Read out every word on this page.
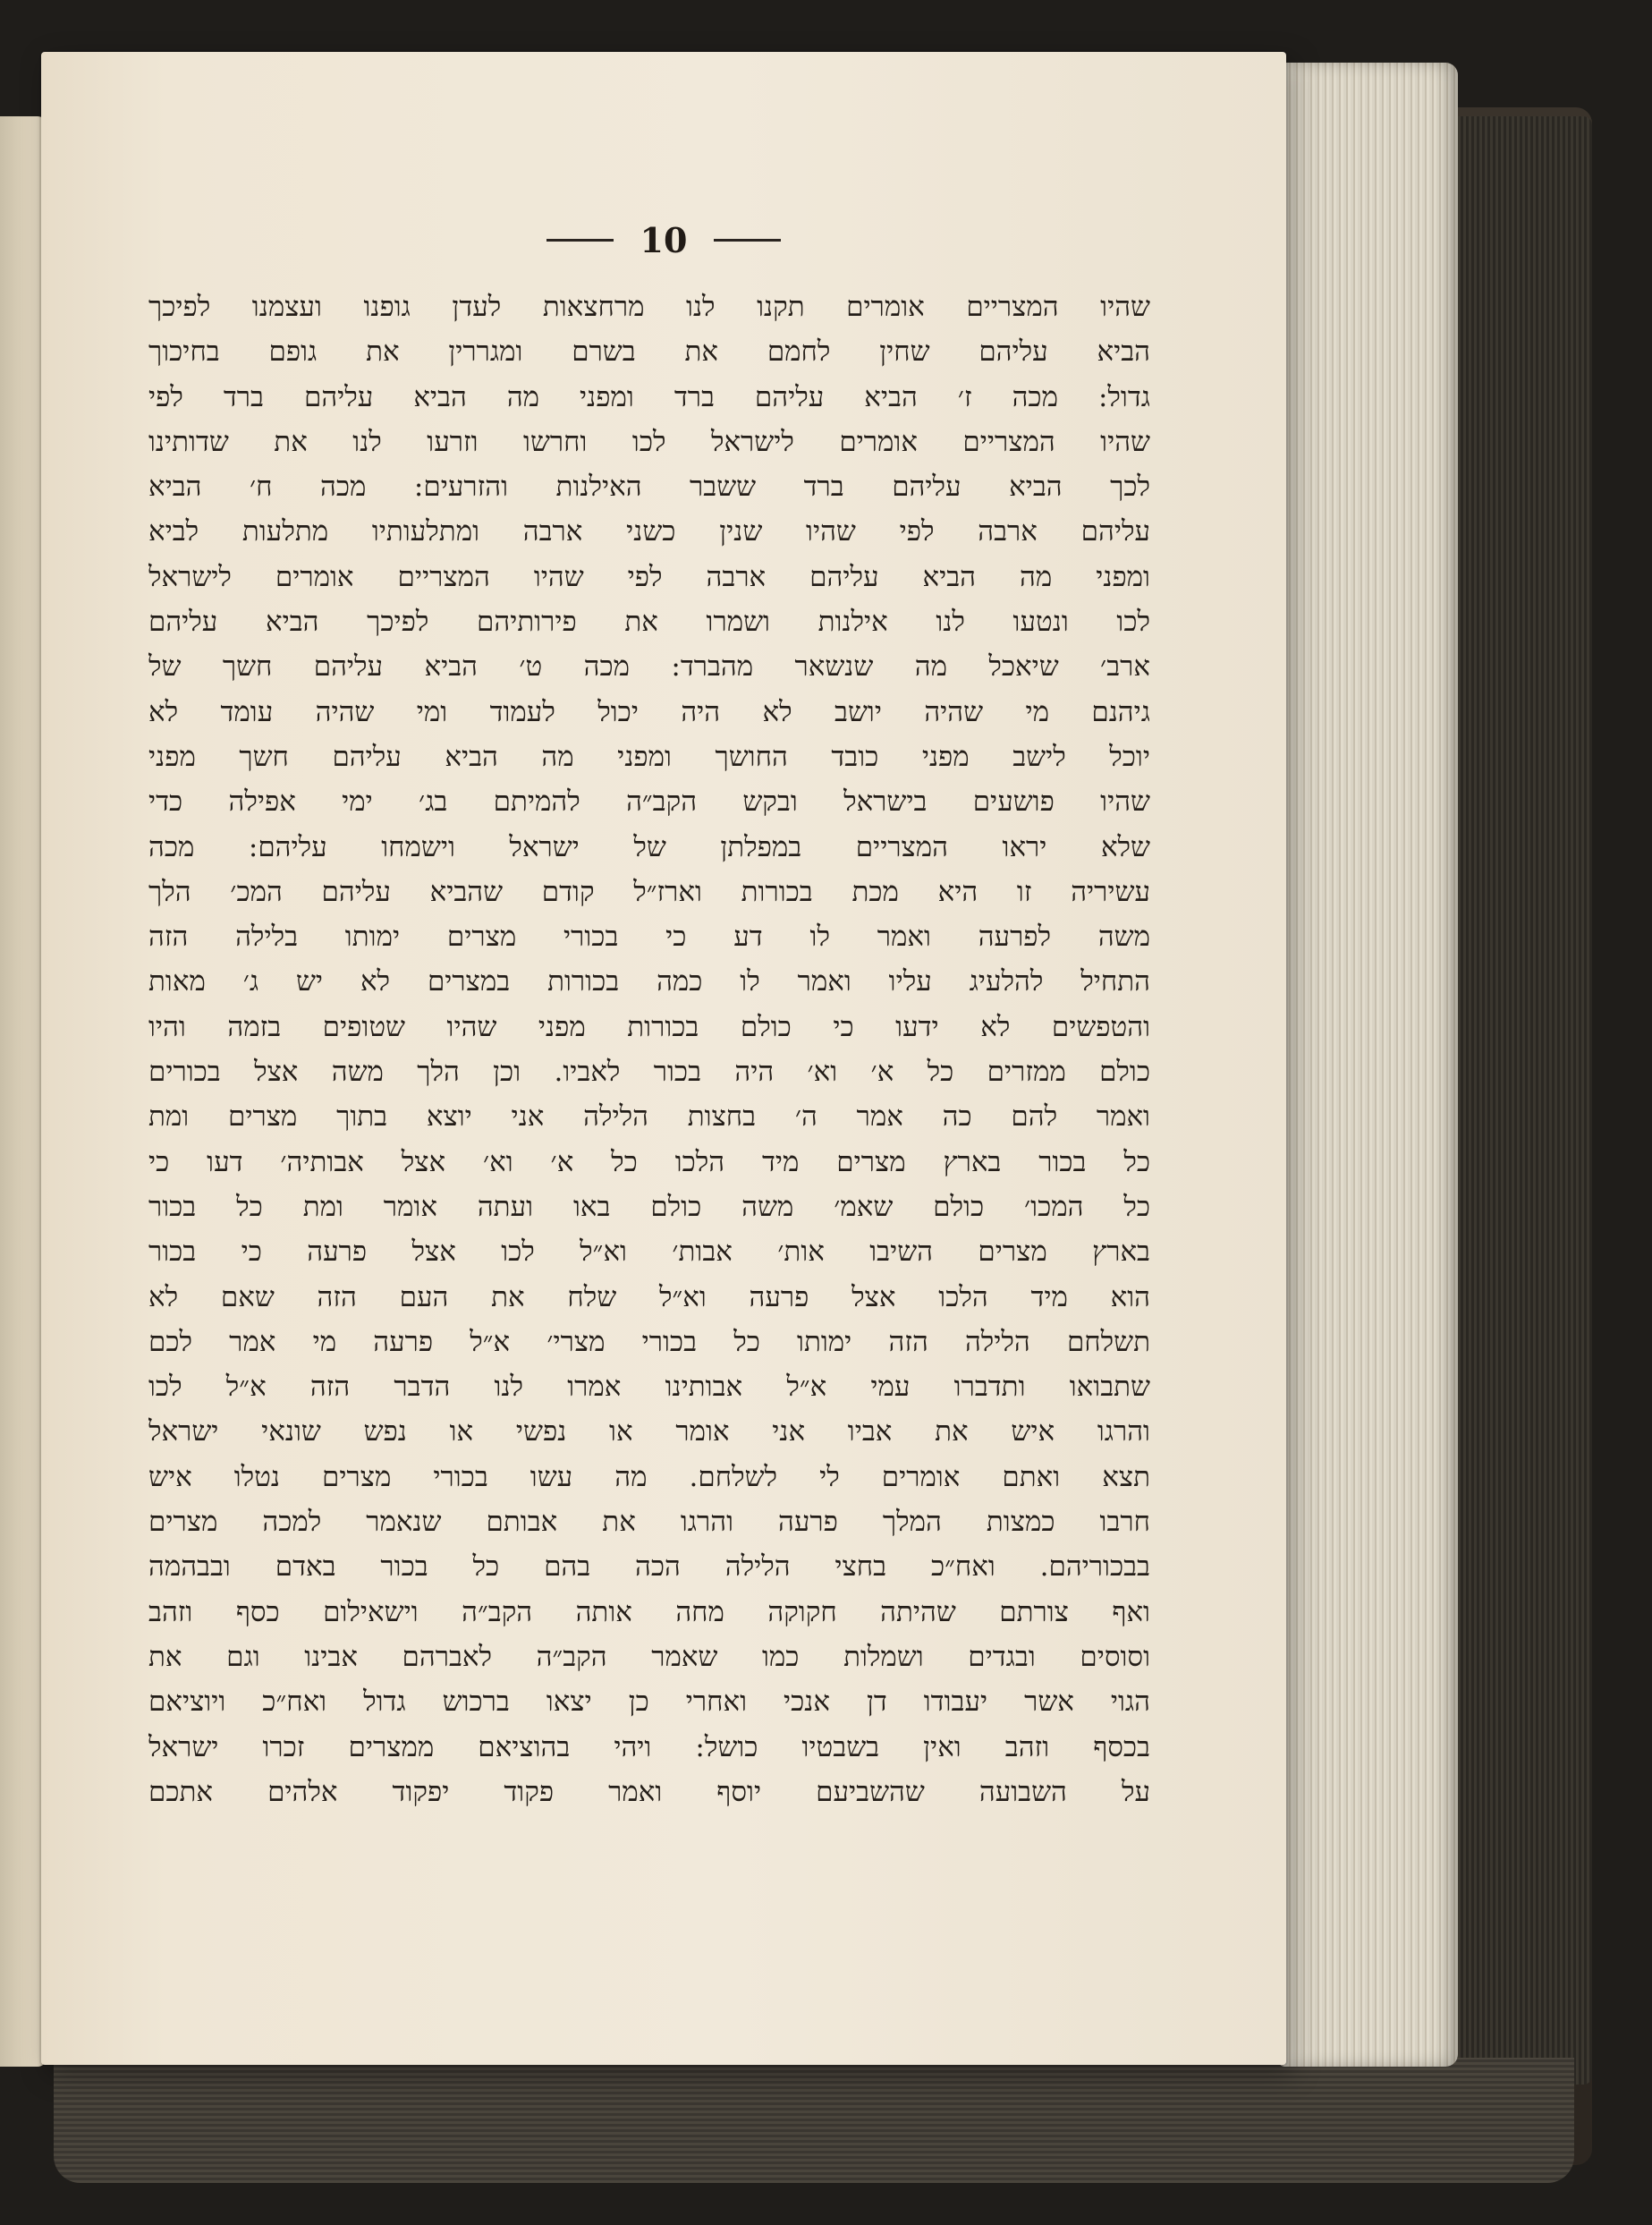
10
שהיו המצריים אומרים תקנו לנו מרחצאות לעדן גופנו ועצמנו לפיכך
הביא עליהם שחין לחמם את בשרם ומגררין את גופם בחיכוך
גדול: מכה ז׳ הביא עליהם ברד ומפני מה הביא עליהם ברד לפי
שהיו המצריים אומרים לישראל לכו וחרשו וזרעו לנו את שדותינו
לכך הביא עליהם ברד ששבר האילנות והזרעים: מכה ח׳ הביא
עליהם ארבה לפי שהיו שנין כשני ארבה ומתלעותיו מתלעות לביא
ומפני מה הביא עליהם ארבה לפי שהיו המצריים אומרים לישראל
לכו ונטעו לנו אילנות ושמרו את פירותיהם לפיכך הביא עליהם
ארב׳ שיאכל מה שנשאר מהברד: מכה ט׳ הביא עליהם חשך של
גיהנם מי שהיה יושב לא היה יכול לעמוד ומי שהיה עומד לא
יוכל לישב מפני כובד החושך ומפני מה הביא עליהם חשך מפני
שהיו פושעים בישראל ובקש הקב״ה להמיתם בג׳ ימי אפילה כדי
שלא יראו המצריים במפלתן של ישראל וישמחו עליהם: מכה
עשיריה זו היא מכת בכורות וארז״ל קודם שהביא עליהם המכ׳ הלך
משה לפרעה ואמר לו דע כי בכורי מצרים ימותו בלילה הזה
התחיל להלעיג עליו ואמר לו כמה בכורות במצרים לא יש ג׳ מאות
והטפשים לא ידעו כי כולם בכורות מפני שהיו שטופים בזמה והיו
כולם ממזרים כל א׳ וא׳ היה בכור לאביו. וכן הלך משה אצל בכורים
ואמר להם כה אמר ה׳ בחצות הלילה אני יוצא בתוך מצרים ומת
כל בכור בארץ מצרים מיד הלכו כל א׳ וא׳ אצל אבותיה׳ דעו כי
כל המכו׳ כולם שאמ׳ משה כולם באו ועתה אומר ומת כל בכור
בארץ מצרים השיבו אות׳ אבות׳ וא״ל לכו אצל פרעה כי בכור
הוא מיד הלכו אצל פרעה וא״ל שלח את העם הזה שאם לא
תשלחם הלילה הזה ימותו כל בכורי מצרי׳ א״ל פרעה מי אמר לכם
שתבואו ותדברו עמי א״ל אבותינו אמרו לנו הדבר הזה א״ל לכו
והרגו איש את אביו אני אומר או נפשי או נפש שונאי ישראל
תצא ואתם אומרים לי לשלחם. מה עשו בכורי מצרים נטלו איש
חרבו כמצות המלך פרעה והרגו את אבותם שנאמר למכה מצרים
בבכוריהם. ואח״כ בחצי הלילה הכה בהם כל בכור באדם ובבהמה
ואף צורתם שהיתה חקוקה מחה אותה הקב״ה וישאילום כסף וזהב
וסוסים ובגדים ושמלות כמו שאמר הקב״ה לאברהם אבינו וגם את
הגוי אשר יעבודו דן אנכי ואחרי כן יצאו ברכוש גדול ואח״כ ויוציאם
בכסף וזהב ואין בשבטיו כושל: ויהי בהוציאם ממצרים זכרו ישראל
על השבועה שהשביעם יוסף ואמר פקוד יפקוד אלהים אתכם
